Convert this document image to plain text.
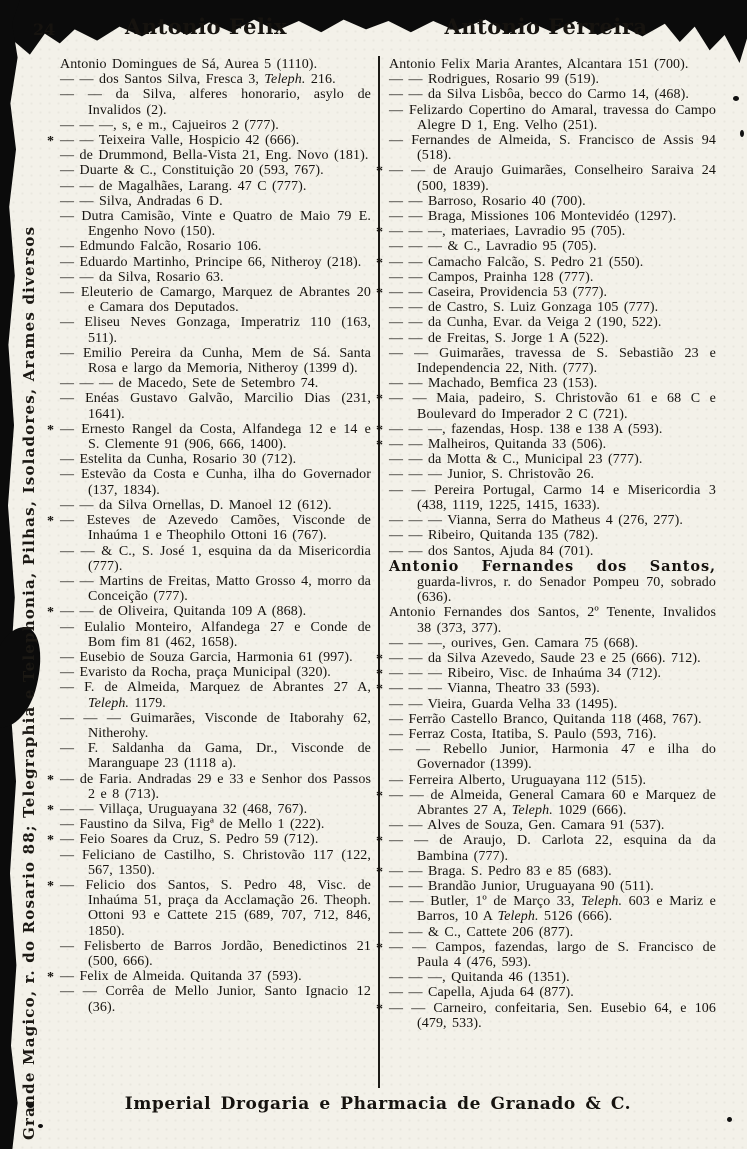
Grande Magico, r. do Rosario 88; Telegraphia e Telephonia, Pilhas, Isoladores, Arames diversos
24	Antonio Felix	Antonio Ferreira

Antonio Domingues de Sá, Aurea 5 (1110).

— — dos Santos Silva, Fresca 3, Teleph. 216.

— — da Silva, alferes honorario, asylo de Invalidos (2).

— — —, s, e m., Cajueiros 2 (777).

* — — Teixeira Valle, Hospicio 42 (666).

— de Drummond, Bella-Vista 21, Eng. Novo (181).

— Duarte & C., Constituição 20 (593, 767).

— — de Magalhães, Larang. 47 C (777).

— — Silva, Andradas 6 D.

— Dutra Camisão, Vinte e Quatro de Maio 79 E. Engenho Novo (150).

— Edmundo Falcão, Rosario 106.

— Eduardo Martinho, Principe 66, Nitheroy (218).

— — da Silva, Rosario 63.

— Eleuterio de Camargo, Marquez de Abrantes 20 e Camara dos Deputados.

— Eliseu Neves Gonzaga, Imperatriz 110 (163, 511).

— Emilio Pereira da Cunha, Mem de Sá. Santa Rosa e largo da Memoria, Nitheroy (1399 d).

— — — de Macedo, Sete de Setembro 74.

— Enéas Gustavo Galvão, Marcilio Dias (231, 1641).

* — Ernesto Rangel da Costa, Alfandega 12 e 14 e S. Clemente 91 (906, 666, 1400).

— Estelita da Cunha, Rosario 30 (712).

— Estevão da Costa e Cunha, ilha do Governador (137, 1834).

— — da Silva Ornellas, D. Manoel 12 (612).

* — Esteves de Azevedo Camões, Visconde de Inhaúma 1 e Theophilo Ottoni 16 (767).

— — & C., S. José 1, esquina da da Misericordia (777).

— — Martins de Freitas, Matto Grosso 4, morro da Conceição (777).

* — — de Oliveira, Quitanda 109 A (868).

— Eulalio Monteiro, Alfandega 27 e Conde de Bom fim 81 (462, 1658).

— Eusebio de Souza Garcia, Harmonia 61 (997).

— Evaristo da Rocha, praça Municipal (320).

— F. de Almeida, Marquez de Abrantes 27 A, Teleph. 1179.

— — — Guimarães, Visconde de Itaborahy 62, Nitherohy.

— F. Saldanha da Gama, Dr., Visconde de Maranguape 23 (1118 a).

* — de Faria. Andradas 29 e 33 e Senhor dos Passos 2 e 8 (713).

* — — Villaça, Uruguayana 32 (468, 767).

— Faustino da Silva, Figª de Mello 1 (222).

* — Feio Soares da Cruz, S. Pedro 59 (712).

— Feliciano de Castilho, S. Christovão 117 (122, 567, 1350).

* — Felicio dos Santos, S. Pedro 48, Visc. de Inhaúma 51, praça da Acclamação 26. Theoph. Ottoni 93 e Cattete 215 (689, 707, 712, 846, 1850).

— Felisberto de Barros Jordão, Benedictinos 21 (500, 666).

* — Felix de Almeida. Quitanda 37 (593).

— — Corrêa de Mello Junior, Santo Ignacio 12 (36).

Antonio Felix Maria Arantes, Alcantara 151 (700).

— — Rodrigues, Rosario 99 (519).

— — da Silva Lisbôa, becco do Carmo 14, (468).

— Felizardo Copertino do Amaral, travessa do Campo Alegre D 1, Eng. Velho (251).

— Fernandes de Almeida, S. Francisco de Assis 94 (518).

* — — de Araujo Guimarães, Conselheiro Saraiva 24 (500, 1839).

— — Barroso, Rosario 40 (700).

— — Braga, Missiones 106 Montevidéo (1297).

* — — —, materiaes, Lavradio 95 (705).

— — — & C., Lavradio 95 (705).

* — — Camacho Falcão, S. Pedro 21 (550).

— — Campos, Prainha 128 (777).

* — — Caseira, Providencia 53 (777).

— — de Castro, S. Luiz Gonzaga 105 (777).

— — da Cunha, Evar. da Veiga 2 (190, 522).

— — de Freitas, S. Jorge 1 A (522).

— — Guimarães, travessa de S. Sebastião 23 e Independencia 22, Nith. (777).

— — Machado, Bemfica 23 (153).

* — — Maia, padeiro, S. Christovão 61 e 68 C e Boulevard do Imperador 2 C (721).

* — — —, fazendas, Hosp. 138 e 138 A (593).

* — — Malheiros, Quitanda 33 (506).

— — da Motta & C., Municipal 23 (777).

— — — Junior, S. Christovão 26.

— — Pereira Portugal, Carmo 14 e Misericordia 3 (438, 1119, 1225, 1415, 1633).

— — — Vianna, Serra do Matheus 4 (276, 277).

— — Ribeiro, Quitanda 135 (782).

— — dos Santos, Ajuda 84 (701).

Antonio Fernandes dos Santos, guarda-livros, r. do Senador Pompeu 70, sobrado (636).

Antonio Fernandes dos Santos, 2º Tenente, Invalidos 38 (373, 377).

— — —, ourives, Gen. Camara 75 (668).

* — — da Silva Azevedo, Saude 23 e 25 (666). 712).

* — — — Ribeiro, Visc. de Inhaúma 34 (712).

* — — — Vianna, Theatro 33 (593).

— — Vieira, Guarda Velha 33 (1495).

— Ferrão Castello Branco, Quitanda 118 (468, 767).

— Ferraz Costa, Itatiba, S. Paulo (593, 716).

— — Rebello Junior, Harmonia 47 e ilha do Governador (1399).

— Ferreira Alberto, Uruguayana 112 (515).

* — — de Almeida, General Camara 60 e Marquez de Abrantes 27 A, Teleph. 1029 (666).

— — Alves de Souza, Gen. Camara 91 (537).

* — — de Araujo, D. Carlota 22, esquina da da Bambina (777).

* — — Braga. S. Pedro 83 e 85 (683).

— — Brandão Junior, Uruguayana 90 (511).

— — Butler, 1º de Março 33, Teleph. 603 e Mariz e Barros, 10 A Teleph. 5126 (666).

— — & C., Cattete 206 (877).

* — — Campos, fazendas, largo de S. Francisco de Paula 4 (476, 593).

— — —, Quitanda 46 (1351).

— — Capella, Ajuda 64 (877).

* — — Carneiro, confeitaria, Sen. Eusebio 64, e 106 (479, 533).

Imperial Drogaria e Pharmacia de Granado & C.
